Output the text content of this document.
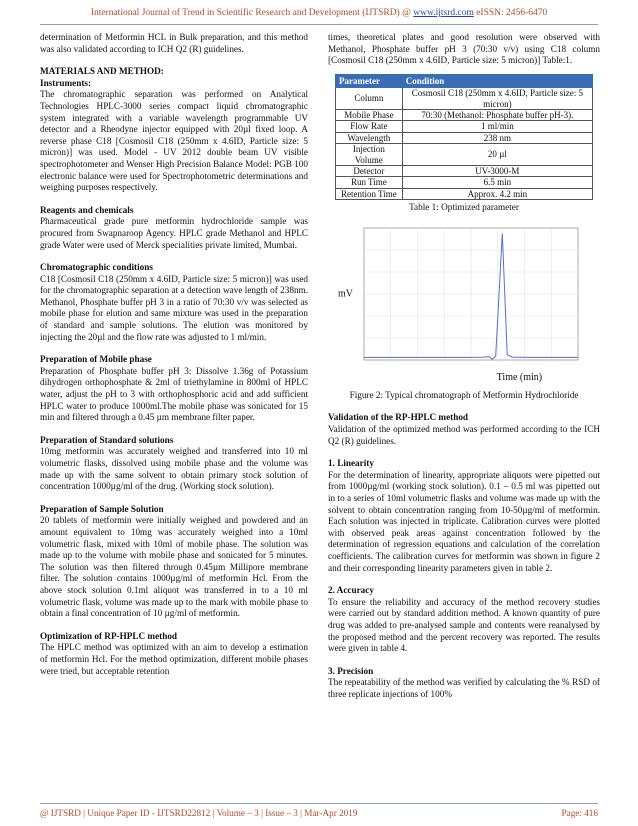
International Journal of Trend in Scientific Research and Development (IJTSRD) @ www.ijtsrd.com eISSN: 2456-6470

determination of Metformin HCL in Bulk preparation, and this method was also validated according to ICH Q2 (R) guidelines.

MATERIALS AND METHOD:

Instruments:

The chromatographic separation was performed on Analytical Technologies HPLC-3000 series compact liquid chromatographic system integrated with a variable wavelength programmable UV detector and a Rheodyne injector equipped with 20µl fixed loop. A reverse phase C18 [Cosmosil C18 (250mm x 4.6ID, Particle size: 5 micron)] was used. Model - UV 2012 double beam UV visible spectrophotometer and Wenser High Precision Balance Model: PGB 100 electronic balance were used for Spectrophotometric determinations and weighing purposes respectively.

Reagents and chemicals

Pharmaceutical grade pure metformin hydrochloride sample was procured from Swapnaroop Agency. HPLC grade Methanol and HPLC grade Water were used of Merck specialities private limited, Mumbai.

Chromatographic conditions

C18 [Cosmosil C18 (250mm x 4.6ID, Particle size: 5 micron)] was used for the chromatographic separation at a detection wave length of 238nm. Methanol, Phosphate buffer pH 3 in a ratio of 70:30 v/v was selected as mobile phase for elution and same mixture was used in the preparation of standard and sample solutions. The elution was monitored by injecting the 20µl and the flow rate was adjusted to 1 ml/min.

Preparation of Mobile phase

Preparation of Phosphate buffer pH 3: Dissolve 1.36g of Potassium dihydrogen orthophosphate & 2ml of triethylamine in 800ml of HPLC water, adjust the pH to 3 with orthophosphoric acid and add sufficient HPLC water to produce 1000ml.The mobile phase was sonicated for 15 min and filtered through a 0.45 µm membrane filter paper.

Preparation of Standard solutions

10mg metformin was accurately weighed and transferred into 10 ml volumetric flasks, dissolved using mobile phase and the volume was made up with the same solvent to obtain primary stock solution of concentration 1000µg/ml of the drug. (Working stock solution).

Preparation of Sample Solution

20 tablets of metformin were initially weighed and powdered and an amount equivalent to 10mg was accurately weighed into a 10ml volumetric flask, mixed with 10ml of mobile phase. The solution was made up to the volume with mobile phase and sonicated for 5 minutes. The solution was then filtered through 0.45µm Millipore membrane filter. The solution contains 1000µg/ml of metformin Hcl. From the above stock solution 0.1ml aliquot was transferred in to a 10 ml volumetric flask, volume was made up to the mark with mobile phase to obtain a final concentration of 10 µg/ml of metformin.

Optimization of RP-HPLC method

The HPLC method was optimized with an aim to develop a estimation of metformin Hcl. For the method optimization, different mobile phases were tried, but acceptable retention

times, theoretical plates and good resolution were observed with Methanol, Phosphate buffer pH 3 (70:30 v/v) using C18 column [Cosmosil C18 (250mm x 4.6ID, Particle size: 5 micron)] Table:1.

Parameter	Condition
Column	Cosmosil C18 (250mm x 4.6ID, Particle size: 5 micron)
Mobile Phase	70:30 (Methanol: Phosphate buffer pH-3).
Flow Rate	1 ml/min
Wavelength	238 nm
Injection Volume	20 µl
Detector	UV-3000-M
Run Time	6.5 min
Retention Time	Approx. 4.2 min
Table 1: Optimized parameter
mV
Time (min)
Figure 2: Typical chromatograph of Metformin Hydrochloride

Validation of the RP-HPLC method

Validation of the optimized method was performed according to the ICH Q2 (R) guidelines.

1. Linearity

For the determination of linearity, appropriate aliquots were pipetted out from 1000µg/ml (working stock solution). 0.1 – 0.5 ml was pipetted out in to a series of 10ml volumetric flasks and volume was made up with the solvent to obtain concentration ranging from 10-50µg/ml of metformin. Each solution was injected in triplicate. Calibration curves were plotted with observed peak areas against concentration followed by the determination of regression equations and calculation of the correlation coefficients. The calibration curves for metformin was shown in figure 2 and their corresponding linearity parameters given in table 2.

2. Accuracy

To ensure the reliability and accuracy of the method recovery studies were carried out by standard addition method. A known quantity of pure drug was added to pre-analysed sample and contents were reanalysed by the proposed method and the percent recovery was reported. The results were given in table 4.

3. Precision

The repeatability of the method was verified by calculating the % RSD of three replicate injections of 100%

@ IJTSRD | Unique Paper ID - IJTSRD22812 | Volume – 3 | Issue – 3 | Mar-Apr 2019	Page: 416
